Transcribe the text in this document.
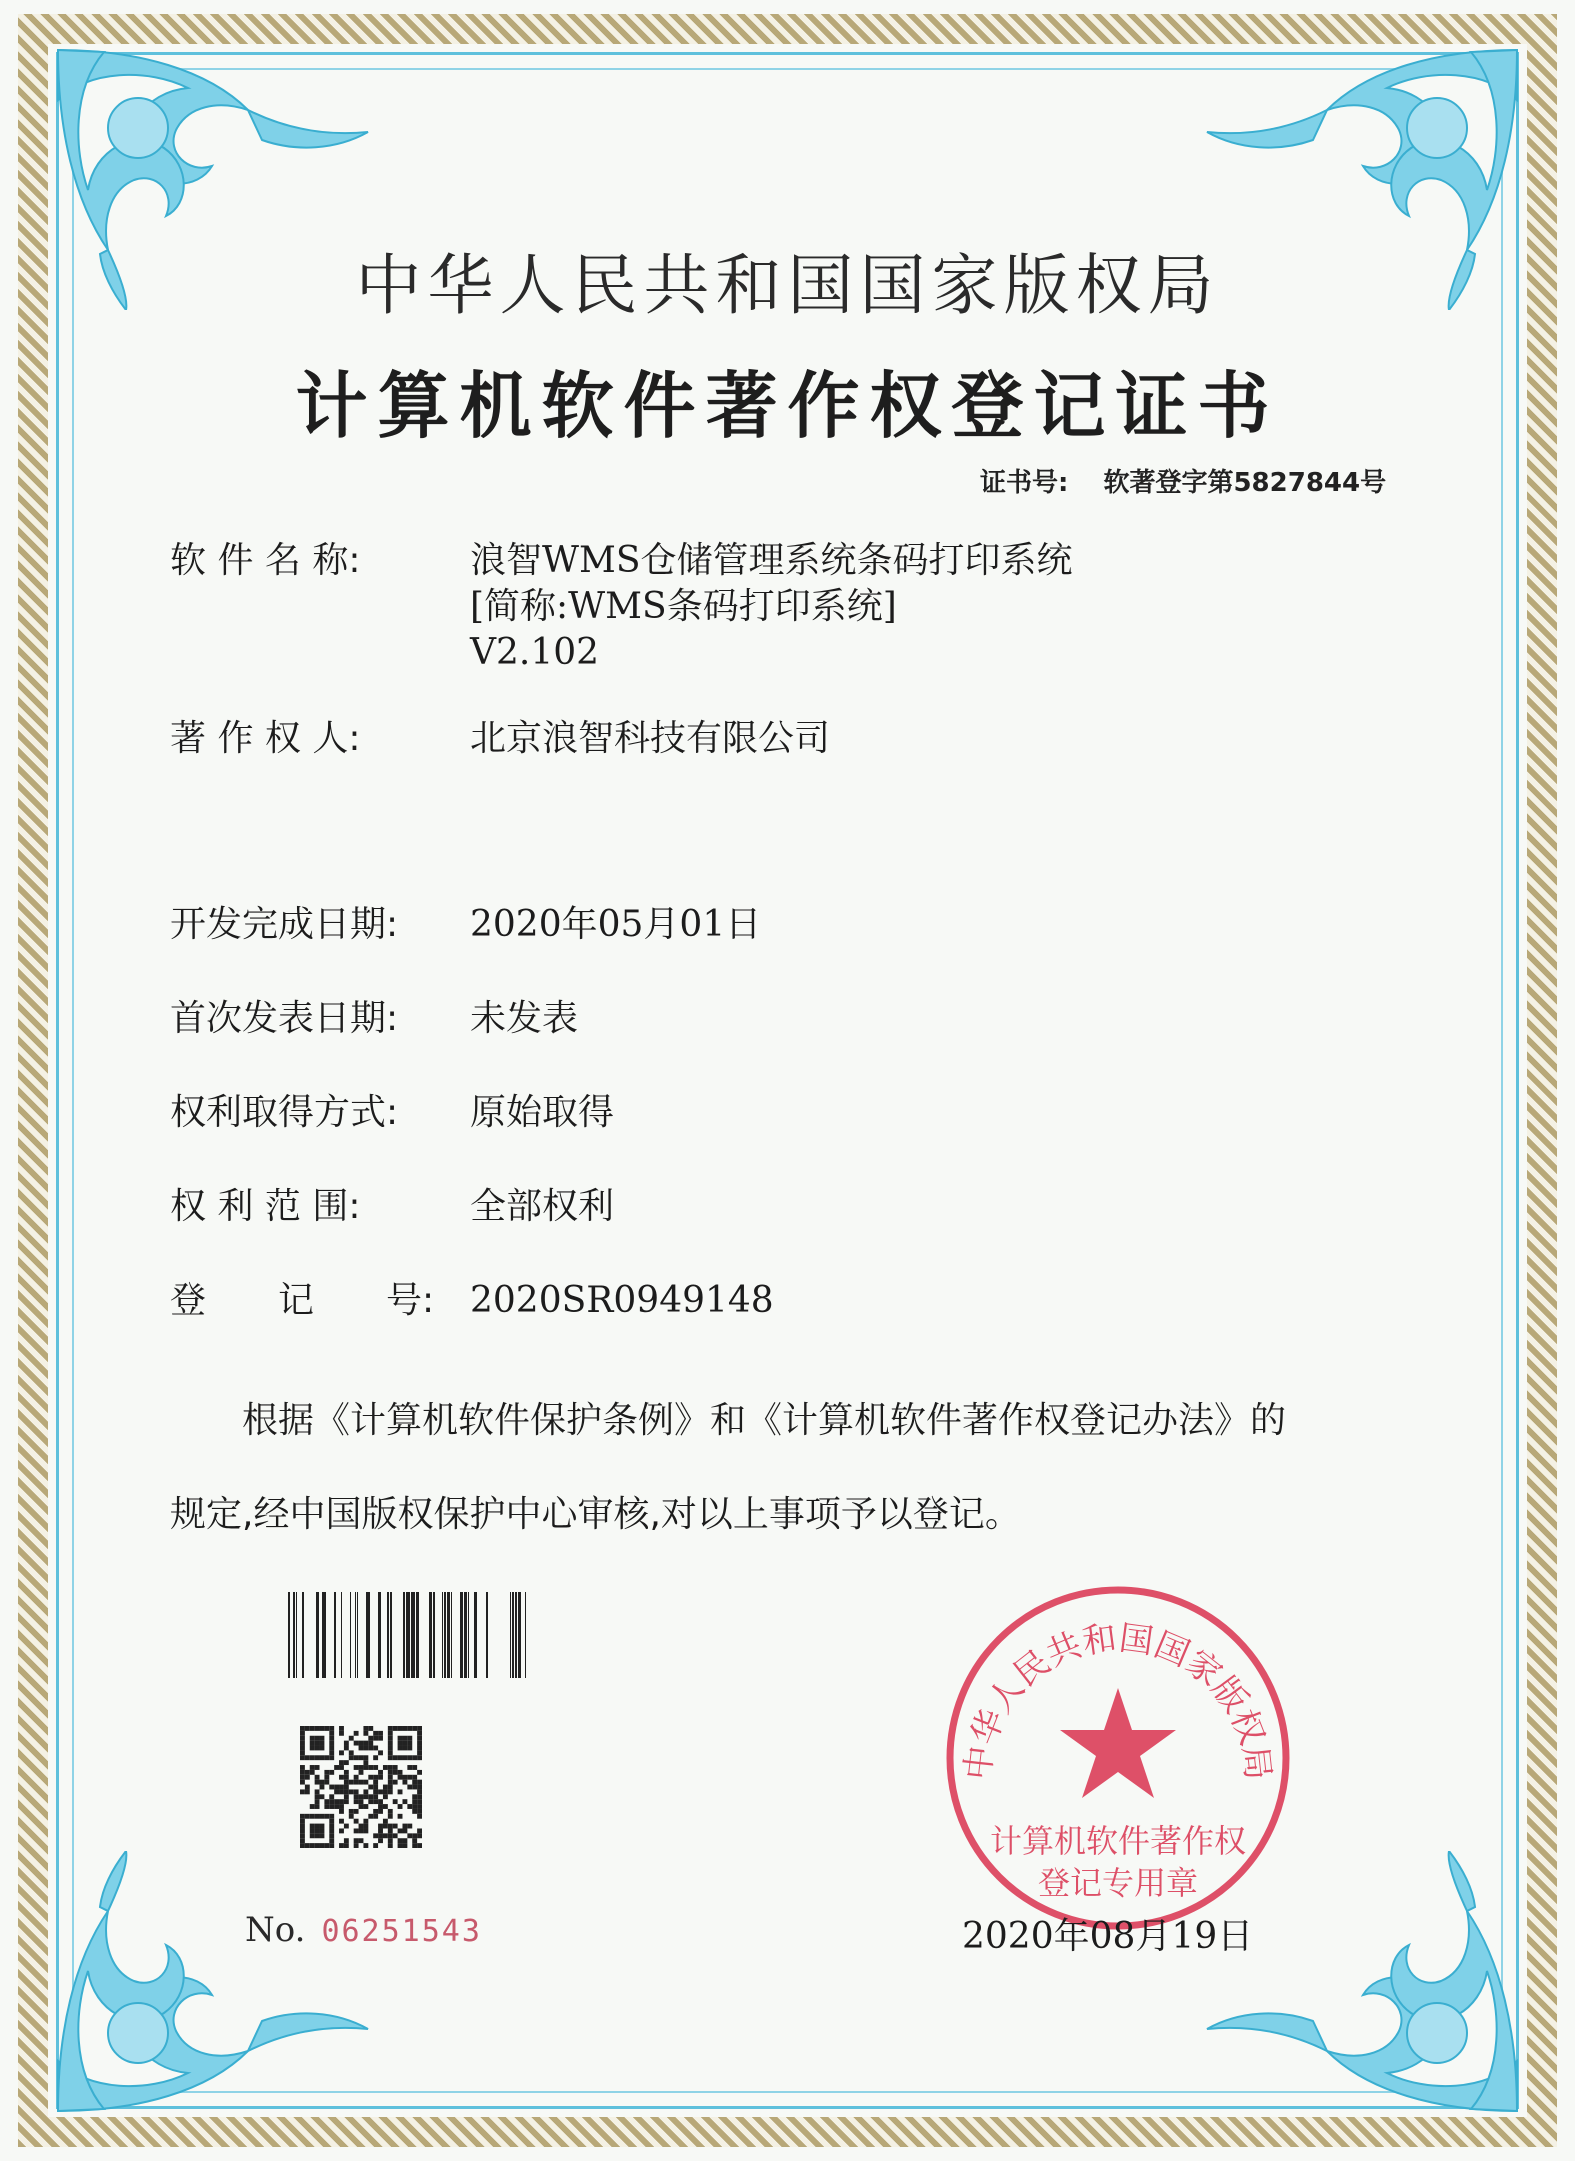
中华人民共和国国家版权局
计算机软件著作权登记证书
证书号: 软著登字第5827844号
软 件 名 称:	浪智WMS仓储管理系统条码打印系统
[简称:WMS条码打印系统]
V2.102
著 作 权 人:	北京浪智科技有限公司
开发完成日期: 2020年05月01日
首次发表日期: 未发表
权利取得方式: 原始取得
权 利 范 围:	全部权利
登　　记　　号: 2020SR0949148
根据《计算机软件保护条例》和《计算机软件著作权登记办法》的
规定,经中国版权保护中心审核,对以上事项予以登记。
No. 06251543
中华人民共和国国家版权局
计算机软件著作权
登记专用章
2020年08月19日
